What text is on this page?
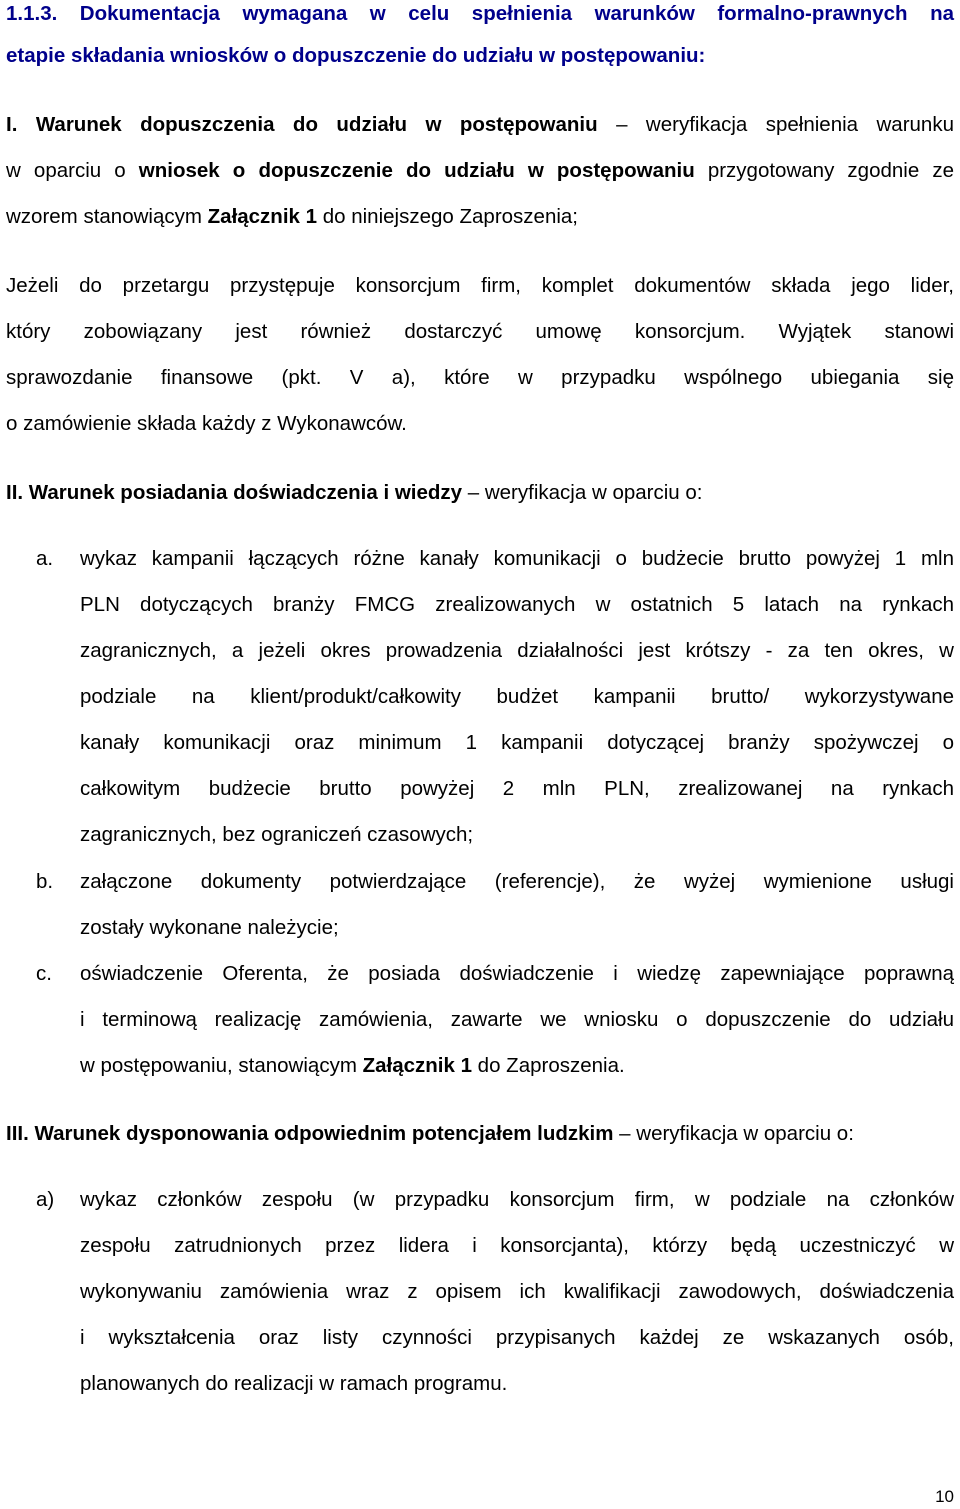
1.1.3. Dokumentacja wymagana w celu spełnienia warunków formalno-prawnych na
etapie składania wniosków o dopuszczenie do udziału w postępowaniu:
I. Warunek dopuszczenia do udziału w postępowaniu – weryfikacja spełnienia warunku
w oparciu o wniosek o dopuszczenie do udziału w postępowaniu przygotowany zgodnie ze
wzorem stanowiącym Załącznik 1 do niniejszego Zaproszenia;
Jeżeli do przetargu przystępuje konsorcjum firm, komplet dokumentów składa jego lider,
który zobowiązany jest również dostarczyć umowę konsorcjum. Wyjątek stanowi
sprawozdanie finansowe (pkt. V a), które w przypadku wspólnego ubiegania się
o zamówienie składa każdy z Wykonawców.
II. Warunek posiadania doświadczenia i wiedzy – weryfikacja w oparciu o:
a. wykaz kampanii łączących różne kanały komunikacji o budżecie brutto powyżej 1 mln
PLN dotyczących branży FMCG zrealizowanych w ostatnich 5 latach na rynkach
zagranicznych, a jeżeli okres prowadzenia działalności jest krótszy - za ten okres, w
podziale na klient/produkt/całkowity budżet kampanii brutto/ wykorzystywane
kanały komunikacji oraz minimum 1 kampanii dotyczącej branży spożywczej o
całkowitym budżecie brutto powyżej 2 mln PLN, zrealizowanej na rynkach
zagranicznych, bez ograniczeń czasowych;
b. załączone dokumenty potwierdzające (referencje), że wyżej wymienione usługi
zostały wykonane należycie;
c. oświadczenie Oferenta, że posiada doświadczenie i wiedzę zapewniające poprawną
i terminową realizację zamówienia, zawarte we wniosku o dopuszczenie do udziału
w postępowaniu, stanowiącym Załącznik 1 do Zaproszenia.
III. Warunek dysponowania odpowiednim potencjałem ludzkim – weryfikacja w oparciu o:
a) wykaz członków zespołu (w przypadku konsorcjum firm, w podziale na członków
zespołu zatrudnionych przez lidera i konsorcjanta), którzy będą uczestniczyć w
wykonywaniu zamówienia wraz z opisem ich kwalifikacji zawodowych, doświadczenia
i wykształcenia oraz listy czynności przypisanych każdej ze wskazanych osób,
planowanych do realizacji w ramach programu.
10
